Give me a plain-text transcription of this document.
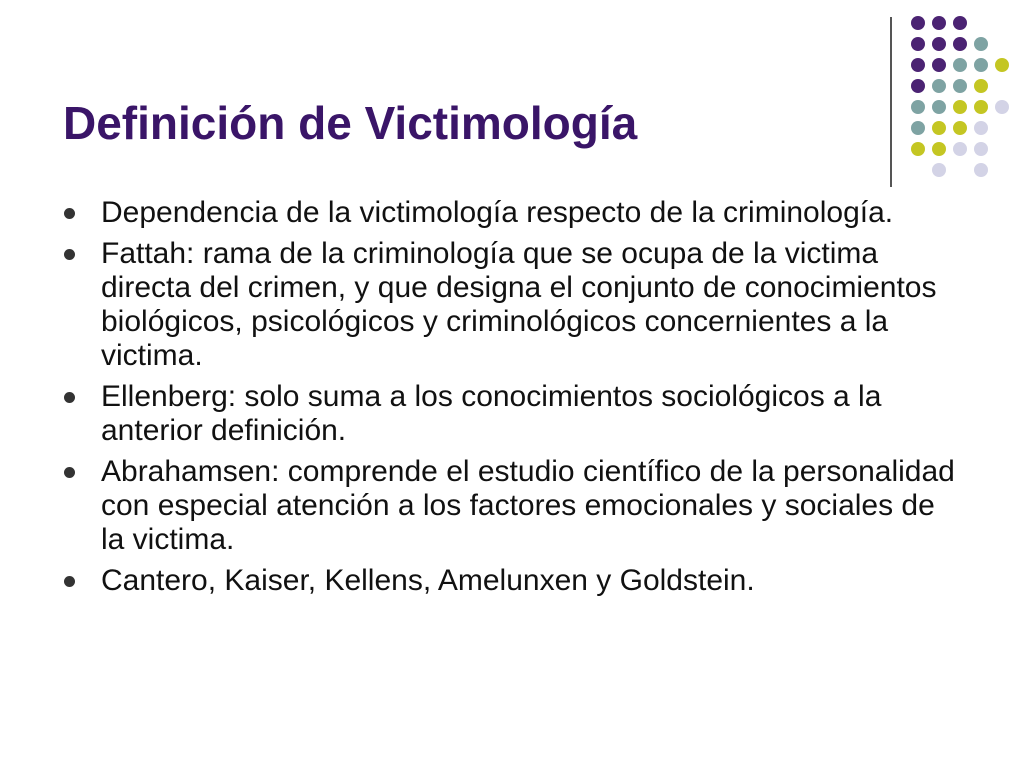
Definición de Victimología
Dependencia de la victimología respecto de la criminología.
Fattah: rama de la criminología que se ocupa de la victima directa del crimen, y que designa el conjunto de conocimientos biológicos, psicológicos y criminológicos concernientes a la victima.
Ellenberg: solo suma a los conocimientos sociológicos a la anterior definición.
Abrahamsen: comprende el estudio científico de la personalidad con especial atención a los factores emocionales y sociales de la victima.
Cantero, Kaiser, Kellens, Amelunxen y Goldstein.
